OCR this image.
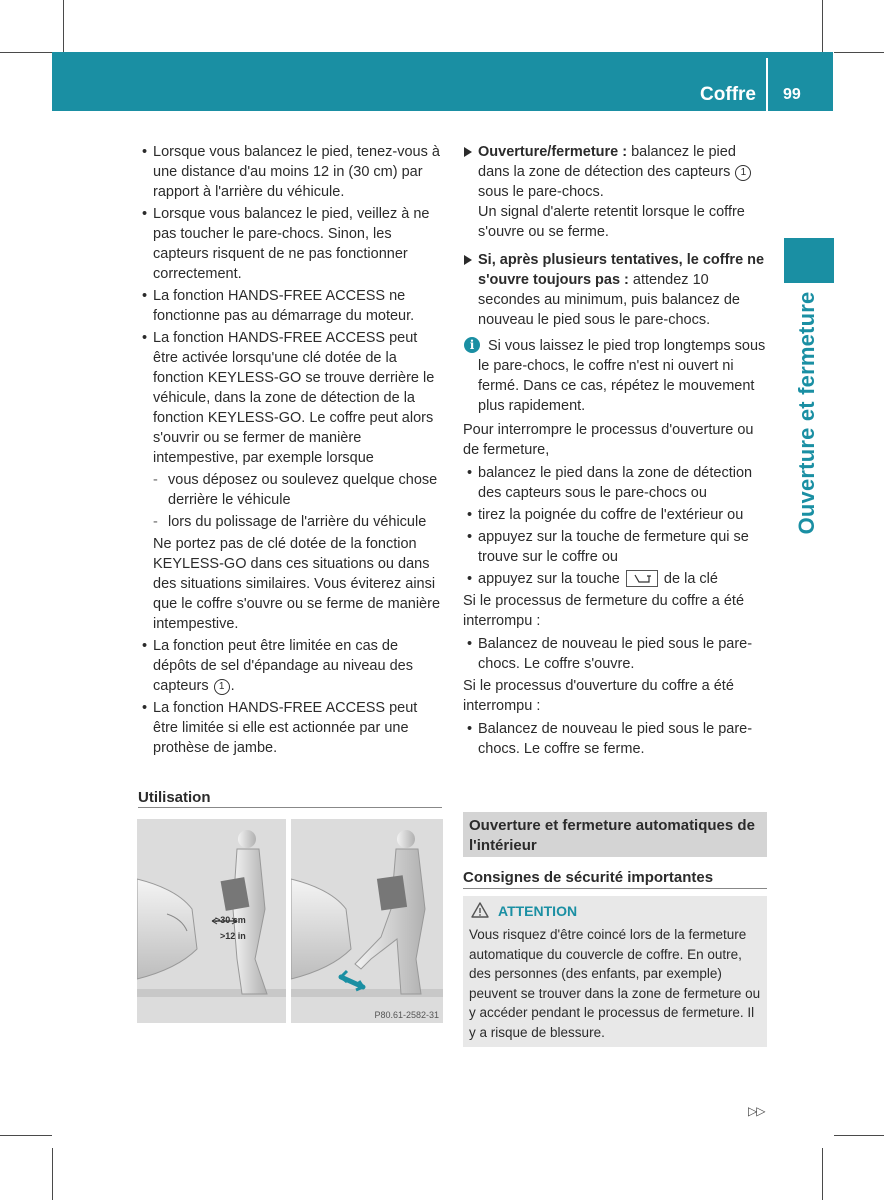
Coffre 99
Ouverture et fermeture

• Lorsque vous balancez le pied, tenez-vous à une distance d'au moins 12 in (30 cm) par rapport à l'arrière du véhicule.

• Lorsque vous balancez le pied, veillez à ne pas toucher le pare-chocs. Sinon, les capteurs risquent de ne pas fonctionner correctement.

• La fonction HANDS-FREE ACCESS ne fonctionne pas au démarrage du moteur.

• La fonction HANDS-FREE ACCESS peut être activée lorsqu'une clé dotée de la fonction KEYLESS-GO se trouve derrière le véhicule, dans la zone de détection de la fonction KEYLESS-GO. Le coffre peut alors s'ouvrir ou se fermer de manière intempestive, par exemple lorsque

- vous déposez ou soulevez quelque chose derrière le véhicule

- lors du polissage de l'arrière du véhicule

Ne portez pas de clé dotée de la fonction KEYLESS-GO dans ces situations ou dans des situations similaires. Vous éviterez ainsi que le coffre s'ouvre ou se ferme de manière intempestive.

• La fonction peut être limitée en cas de dépôts de sel d'épandage au niveau des capteurs 1 .

• La fonction HANDS-FREE ACCESS peut être limitée si elle est actionnée par une prothèse de jambe.

Utilisation
>30 cm
>12 in
P80.61-2582-31

Ouverture/fermeture : balancez le pied dans la zone de détection des capteurs 1 sous le pare-chocs.
Un signal d'alerte retentit lorsque le coffre s'ouvre ou se ferme.

Si, après plusieurs tentatives, le coffre ne s'ouvre toujours pas : attendez 10 secondes au minimum, puis balancez de nouveau le pied sous le pare-chocs.

i Si vous laissez le pied trop longtemps sous le pare-chocs, le coffre n'est ni ouvert ni fermé. Dans ce cas, répétez le mouvement plus rapidement.

Pour interrompre le processus d'ouverture ou de fermeture,

• balancez le pied dans la zone de détection des capteurs sous le pare-chocs ou

• tirez la poignée du coffre de l'extérieur ou

• appuyez sur la touche de fermeture qui se trouve sur le coffre ou

• appuyez sur la touche  de la clé

Si le processus de fermeture du coffre a été interrompu :

• Balancez de nouveau le pied sous le pare-chocs. Le coffre s'ouvre.

Si le processus d'ouverture du coffre a été interrompu :

• Balancez de nouveau le pied sous le pare-chocs. Le coffre se ferme.

Ouverture et fermeture automatiques de l'intérieur
Consignes de sécurité importantes
ATTENTION
Vous risquez d'être coincé lors de la fermeture automatique du couvercle de coffre. En outre, des personnes (des enfants, par exemple) peuvent se trouver dans la zone de fermeture ou y accéder pendant le processus de fermeture. Il y a risque de blessure.
▷▷
